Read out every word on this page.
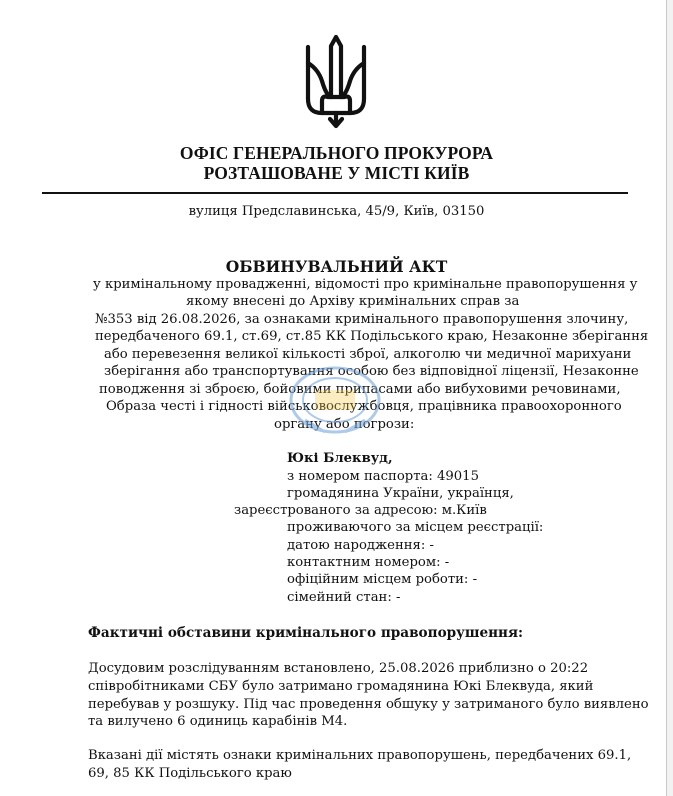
ОФІС ГЕНЕРАЛЬНОГО ПРОКУРОРА
РОЗТАШОВАНЕ У МІСТІ КИЇВ
вулиця Предславинська, 45/9, Київ, 03150
ОБВИНУВАЛЬНИЙ АКТ
у кримінальному провадженні, відомості про кримінальне правопорушення у
якому внесені до Архіву кримінальних справ за
№353 від 26.08.2026, за ознаками кримінального правопорушення злочину,
передбаченого 69.1, ст.69, ст.85 КК Подільського краю, Незаконне зберігання
або перевезення великої кількості зброї, алкоголю чи медичної марихуани
зберігання або транспортування особою без відповідної ліцензії, Незаконне
поводження зі зброєю, бойовими припасами або вибуховими речовинами,
Образа честі і гідності військовослужбовця, працівника правоохоронного
органу або погрози:
Юкі Блеквуд,
з номером паспорта: 49015
громадянина України, українця,
зареєстрованого за адресою: м.Київ
проживаючого за місцем реєстрації:
датою народження: -
контактним номером: -
офіційним місцем роботи: -
сімейний стан: -
Фактичні обставини кримінального правопорушення:
Досудовим розслідуванням встановлено, 25.08.2026 приблизно о 20:22
співробітниками СБУ було затримано громадянина Юкі Блеквуда, який
перебував у розшуку. Під час проведення обшуку у затриманого було виявлено
та вилучено 6 одиниць карабінів М4.
Вказані дії містять ознаки кримінальних правопорушень, передбачених 69.1,
69, 85 КК Подільського краю
